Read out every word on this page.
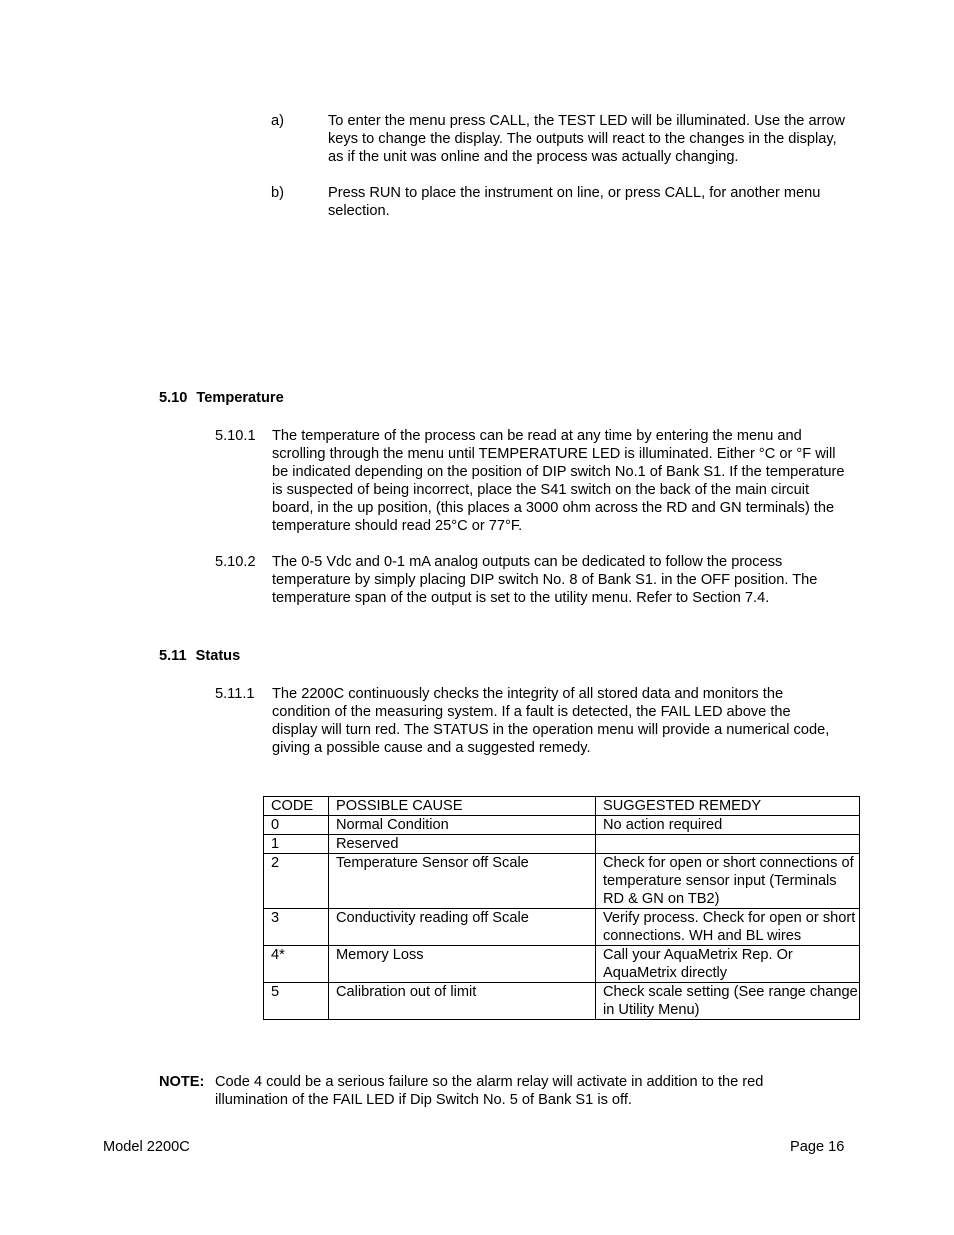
a)	To enter the menu press CALL, the TEST LED will be illuminated. Use the arrow keys to change the display. The outputs will react to the changes in the display, as if the unit was online and the process was actually changing.
b)	Press RUN to place the instrument on line, or press CALL, for another menu selection.
5.10 Temperature
5.10.1 The temperature of the process can be read at any time by entering the menu and scrolling through the menu until TEMPERATURE LED is illuminated. Either °C or °F will be indicated depending on the position of DIP switch No.1 of Bank S1. If the temperature is suspected of being incorrect, place the S41 switch on the back of the main circuit board, in the up position, (this places a 3000 ohm across the RD and GN terminals) the temperature should read 25°C or 77°F.
5.10.2 The 0-5 Vdc and 0-1 mA analog outputs can be dedicated to follow the process temperature by simply placing DIP switch No. 8 of Bank S1. in the OFF position. The temperature span of the output is set to the utility menu. Refer to Section 7.4.
5.11 Status
5.11.1 The 2200C continuously checks the integrity of all stored data and monitors the condition of the measuring system. If a fault is detected, the FAIL LED above the display will turn red. The STATUS in the operation menu will provide a numerical code, giving a possible cause and a suggested remedy.
CODE	POSSIBLE CAUSE	SUGGESTED REMEDY
0	Normal Condition	No action required
1	Reserved	
2	Temperature Sensor off Scale	Check for open or short connections of temperature sensor input (Terminals RD & GN on TB2)
3	Conductivity reading off Scale	Verify process. Check for open or short connections. WH and BL wires
4*	Memory Loss	Call your AquaMetrix Rep. Or AquaMetrix directly
5	Calibration out of limit	Check scale setting (See range change in Utility Menu)
NOTE: Code 4 could be a serious failure so the alarm relay will activate in addition to the red illumination of the FAIL LED if Dip Switch No. 5 of Bank S1 is off.
Model 2200C	Page 16
